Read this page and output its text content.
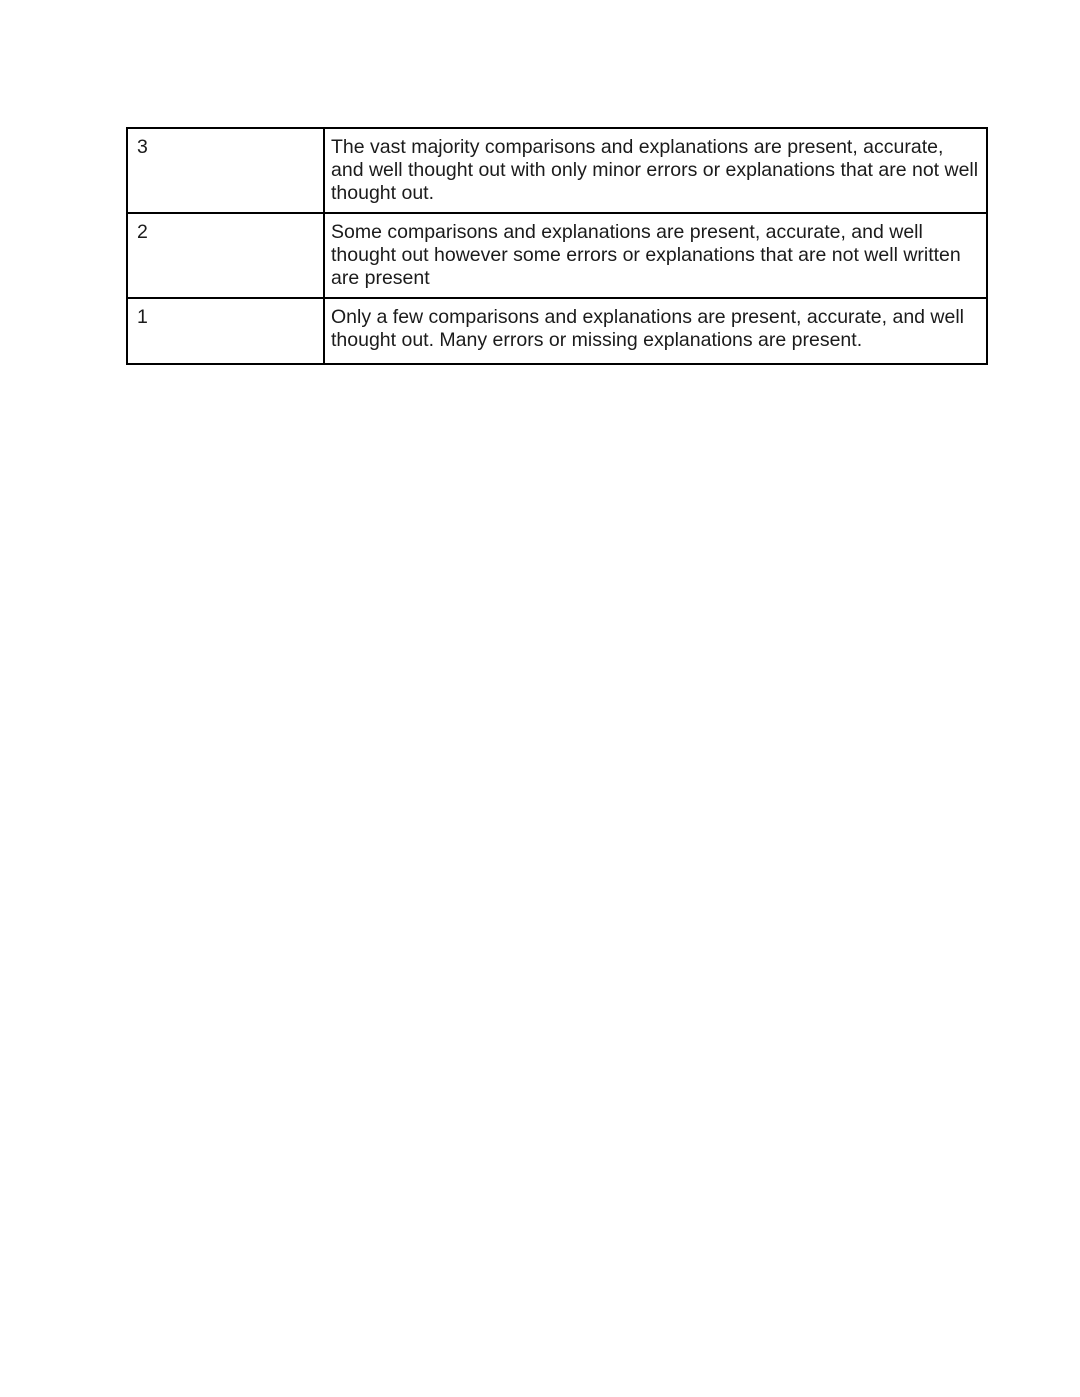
3	The vast majority comparisons and explanations are present, accurate, and well thought out with only minor errors or explanations that are not well thought out.
2	Some comparisons and explanations are present, accurate, and well thought out however some errors or explanations that are not well written are present
1	Only a few comparisons and explanations are present, accurate, and well thought out. Many errors or missing explanations are present.
